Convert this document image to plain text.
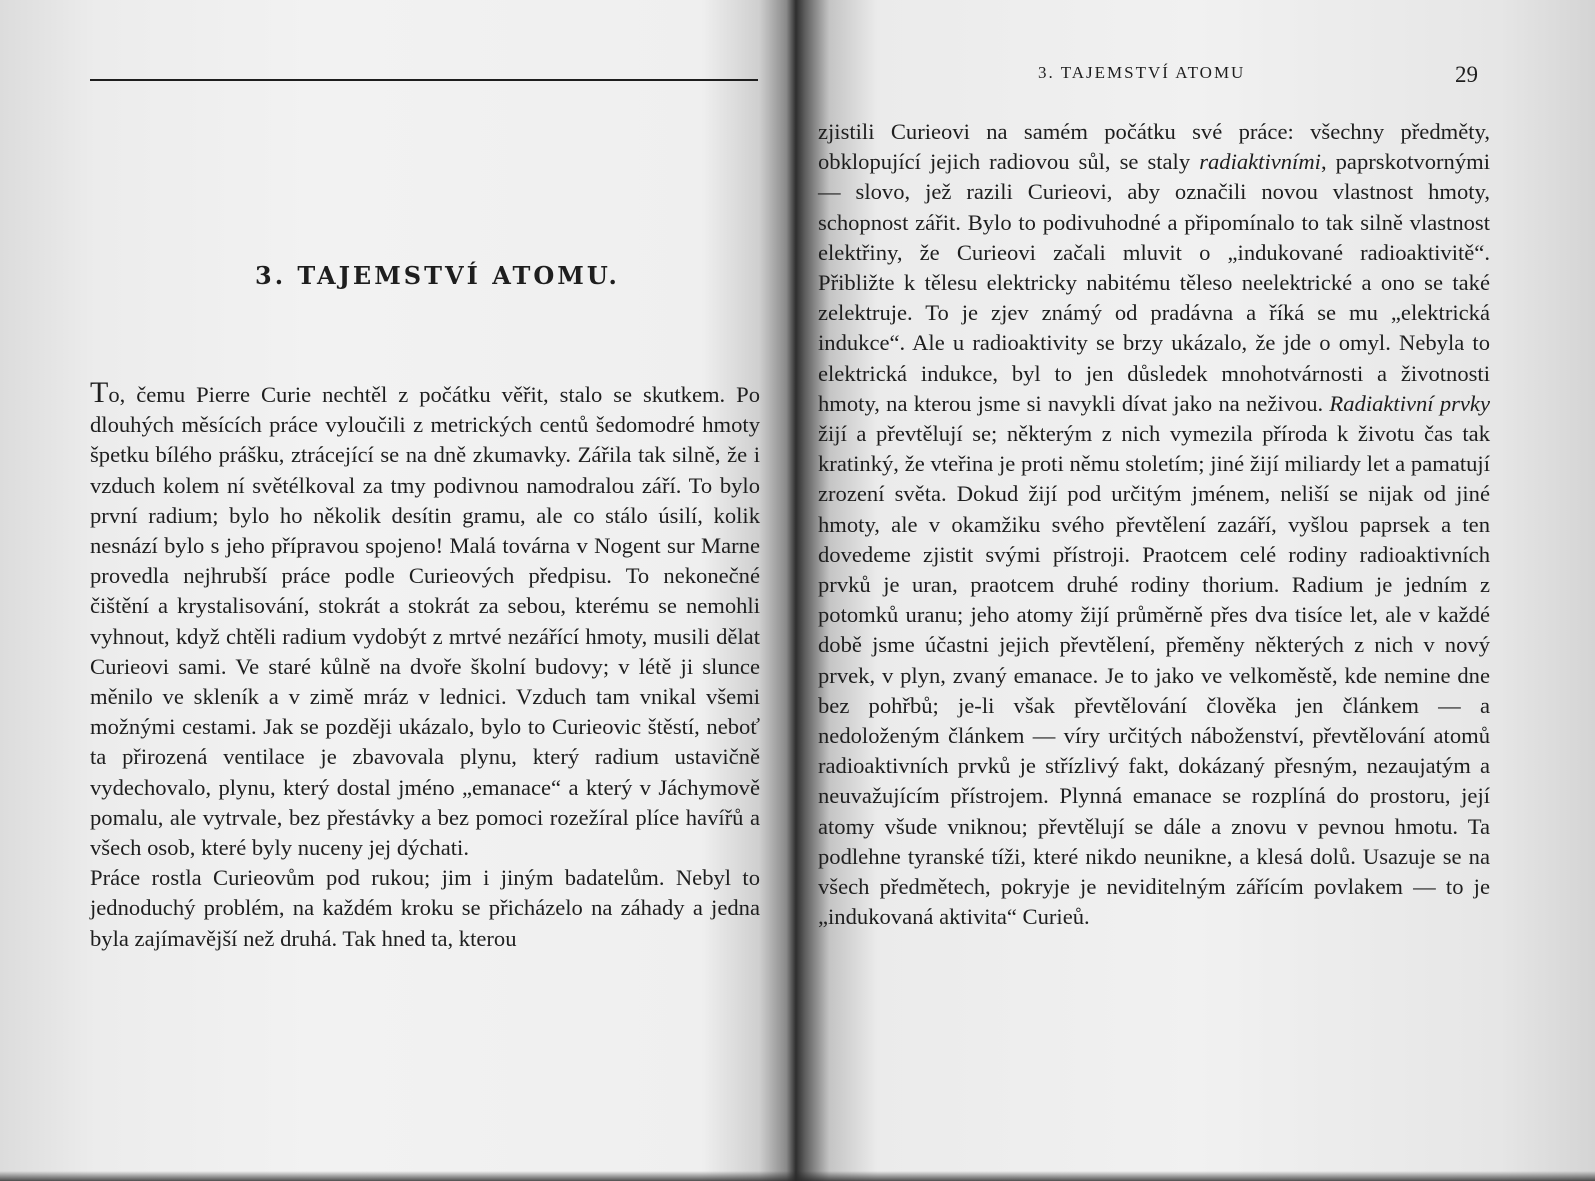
3. TAJEMSTVÍ ATOMU.

To, čemu Pierre Curie nechtěl z počátku věřit, stalo se skutkem. Po dlouhých měsících práce vyloučili z metrických centů šedomodré hmoty špetku bílého prášku, ztrácející se na dně zkumavky. Zářila tak silně, že i vzduch kolem ní světélkoval za tmy podivnou namodralou září. To bylo první radium; bylo ho několik desítin gramu, ale co stálo úsilí, kolik nesnází bylo s jeho přípravou spojeno! Malá továrna v Nogent sur Marne provedla nejhrubší práce podle Curieových předpisu. To nekonečné čištění a krystalisování, stokrát a stokrát za sebou, kterému se nemohli vyhnout, když chtěli radium vydobýt z mrtvé nezářící hmoty, musili dělat Curieovi sami. Ve staré kůlně na dvoře školní budovy; v létě ji slunce měnilo ve skleník a v zimě mráz v lednici. Vzduch tam vnikal všemi možnými cestami. Jak se později ukázalo, bylo to Curieovic štěstí, neboť ta přirozená ventilace je zbavovala plynu, který radium ustavičně vydechovalo, plynu, který dostal jméno „emanace“ a který v Jáchymově pomalu, ale vytrvale, bez přestávky a bez pomoci rozežíral plíce havířů a všech osob, které byly nuceny jej dýchati.

Práce rostla Curieovům pod rukou; jim i jiným badatelům. Nebyl to jednoduchý problém, na každém kroku se přicházelo na záhady a jedna byla zajímavější než druhá. Tak hned ta, kterou

3. TAJEMSTVÍ ATOMU	29

zjistili Curieovi na samém počátku své práce: všechny předměty, obklopující jejich radiovou sůl, se staly radiaktivními, paprskotvornými — slovo, jež razili Curieovi, aby označili novou vlastnost hmoty, schopnost zářit. Bylo to podivuhodné a připomínalo to tak silně vlastnost elektřiny, že Curieovi začali mluvit o „indukované radioaktivitě“. Přibližte k tělesu elektricky nabitému těleso neelektrické a ono se také zelektruje. To je zjev známý od pradávna a říká se mu „elektrická indukce“. Ale u radioaktivity se brzy ukázalo, že jde o omyl. Nebyla to elektrická indukce, byl to jen důsledek mnohotvárnosti a životnosti hmoty, na kterou jsme si navykli dívat jako na neživou. Radiaktivní prvky žijí a převtělují se; některým z nich vymezila příroda k životu čas tak kratinký, že vteřina je proti němu stoletím; jiné žijí miliardy let a pamatují zrození světa. Dokud žijí pod určitým jménem, neliší se nijak od jiné hmoty, ale v okamžiku svého převtělení zazáří, vyšlou paprsek a ten dovedeme zjistit svými přístroji. Praotcem celé rodiny radioaktivních prvků je uran, praotcem druhé rodiny thorium. Radium je jedním z potomků uranu; jeho atomy žijí průměrně přes dva tisíce let, ale v každé době jsme účastni jejich převtělení, přeměny některých z nich v nový prvek, v plyn, zvaný emanace. Je to jako ve velkoměstě, kde nemine dne bez pohřbů; je-li však převtělování člověka jen článkem — a nedoloženým článkem — víry určitých náboženství, převtělování atomů radioaktivních prvků je střízlivý fakt, dokázaný přesným, nezaujatým a neuvažujícím přístrojem. Plynná emanace se rozplíná do prostoru, její atomy všude vniknou; převtělují se dále a znovu v pevnou hmotu. Ta podlehne tyranské tíži, které nikdo neunikne, a klesá dolů. Usazuje se na všech předmětech, pokryje je neviditelným zářícím povlakem — to je „indukovaná aktivita“ Curieů.
